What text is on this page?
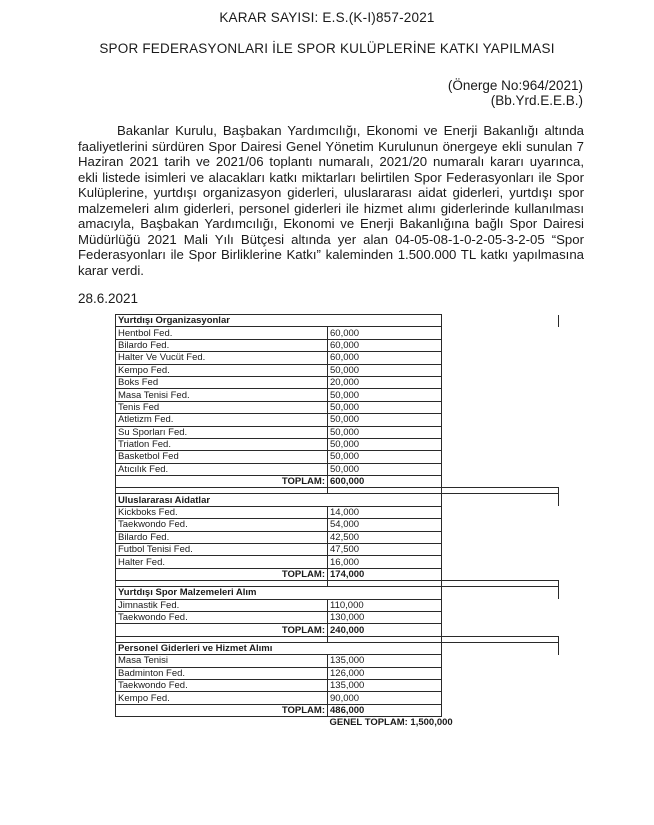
KARAR SAYISI: E.S.(K-I)857-2021
SPOR FEDERASYONLARI İLE SPOR KULÜPLERİNE KATKI YAPILMASI
(Önerge No:964/2021)
(Bb.Yrd.E.E.B.)

Bakanlar Kurulu, Başbakan Yardımcılığı, Ekonomi ve Enerji Bakanlığı altında faaliyetlerini sürdüren Spor Dairesi Genel Yönetim Kurulunun önergeye ekli sunulan 7 Haziran 2021 tarih ve 2021/06 toplantı numaralı, 2021/20 numaralı kararı uyarınca, ekli listede isimleri ve alacakları katkı miktarları belirtilen Spor Federasyonları ile Spor Kulüplerine, yurtdışı organizasyon giderleri, uluslararası aidat giderleri, yurtdışı spor malzemeleri alım giderleri, personel giderleri ile hizmet alımı giderlerinde kullanılması amacıyla, Başbakan Yardımcılığı, Ekonomi ve Enerji Bakanlığına bağlı Spor Dairesi Müdürlüğü 2021 Mali Yılı Bütçesi altında yer alan 04-05-08-1-0-2-05-3-2-05 “Spor Federasyonları ile Spor Birliklerine Katkı” kaleminden 1.500.000 TL katkı yapılmasına karar verdi.

28.6.2021
Yurtdışı Organizasyonlar		
Hentbol Fed.	60,000	
Bilardo Fed.	60,000	
Halter Ve Vucüt Fed.	60,000	
Kempo Fed.	50,000	
Boks Fed	20,000	
Masa Tenisi Fed.	50,000	
Tenis Fed	50,000	
Atletizm Fed.	50,000	
Su Sporları Fed.	50,000	
Triatlon Fed.	50,000	
Basketbol Fed	50,000	
Atıcılık Fed.	50,000	
TOPLAM:	600,000	

Uluslararası Aidatlar		
Kickboks Fed.	14,000	
Taekwondo Fed.	54,000	
Bilardo Fed.	42,500	
Futbol Tenisi Fed.	47,500	
Halter Fed.	16,000	
TOPLAM:	174,000	

Yurtdışı Spor Malzemeleri Alım		
Jimnastik Fed.	110,000	
Taekwondo Fed.	130,000	
TOPLAM:	240,000	

Personel Giderleri ve Hizmet Alımı		
Masa Tenisi	135,000	
Badminton Fed.	126,000	
Taekwondo Fed.	135,000	
Kempo Fed.	90,000	
TOPLAM:	486,000	
	GENEL TOPLAM: 1,500,000	
